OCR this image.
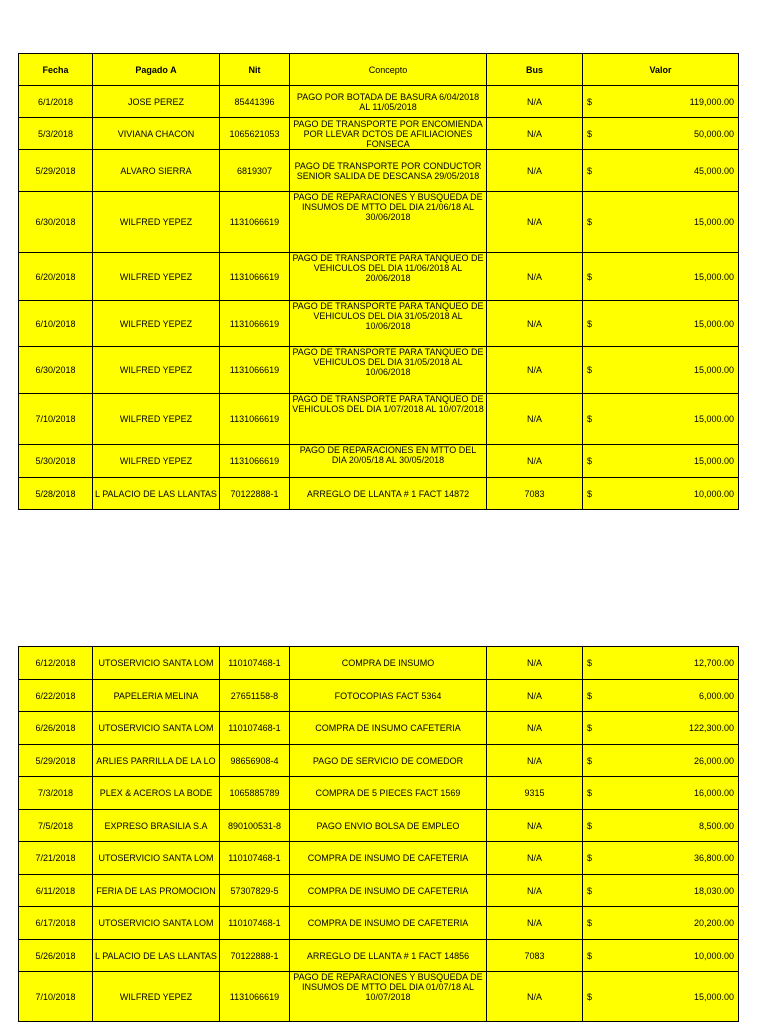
Fecha	Pagado A	Nit	Concepto	Bus	Valor
6/1/2018	JOSE PEREZ	85441396	PAGO POR BOTADA DE BASURA 6/04/2018 AL 11/05/2018	N/A	$ 119,000.00

5/3/2018	VIVIANA CHACON	1065621053	PAGO DE TRANSPORTE POR ENCOMIENDA POR LLEVAR DCTOS DE AFILIACIONES FONSECA	N/A	$ 50,000.00

5/29/2018	ALVARO SIERRA	6819307	PAGO DE TRANSPORTE POR CONDUCTOR SENIOR SALIDA DE DESCANSA 29/05/2018	N/A	$ 45,000.00

6/30/2018	WILFRED YEPEZ	1131066619	PAGO DE REPARACIONES Y BUSQUEDA DE INSUMOS DE MTTO DEL DIA 21/06/18 AL 30/06/2018	N/A	$ 15,000.00

6/20/2018	WILFRED YEPEZ	1131066619	PAGO DE TRANSPORTE PARA TANQUEO DE VEHICULOS DEL DIA 11/06/2018 AL 20/06/2018	N/A	$ 15,000.00

6/10/2018	WILFRED YEPEZ	1131066619	PAGO DE TRANSPORTE PARA TANQUEO DE VEHICULOS DEL DIA 31/05/2018 AL 10/06/2018	N/A	$ 15,000.00

6/30/2018	WILFRED YEPEZ	1131066619	PAGO DE TRANSPORTE PARA TANQUEO DE VEHICULOS DEL DIA 31/05/2018 AL 10/06/2018	N/A	$ 15,000.00

7/10/2018	WILFRED YEPEZ	1131066619	PAGO DE TRANSPORTE PARA TANQUEO DE VEHICULOS DEL DIA 1/07/2018 AL 10/07/2018	N/A	$ 15,000.00

5/30/2018	WILFRED YEPEZ	1131066619	PAGO DE REPARACIONES EN MTTO DEL DIA 20/05/18 AL 30/05/2018	N/A	$ 15,000.00

5/28/2018	L PALACIO DE LAS LLANTAS	70122888-1	ARREGLO DE LLANTA # 1 FACT 14872	7083	$ 10,000.00
6/12/2018	UTOSERVICIO SANTA LOM	110107468-1	COMPRA DE INSUMO	N/A	$ 12,700.00

6/22/2018	PAPELERIA MELINA	27651158-8	FOTOCOPIAS FACT 5364	N/A	$ 6,000.00

6/26/2018	UTOSERVICIO SANTA LOM	110107468-1	COMPRA DE INSUMO CAFETERIA	N/A	$ 122,300.00

5/29/2018	ARLIES PARRILLA DE LA LO	98656908-4	PAGO DE SERVICIO DE COMEDOR	N/A	$ 26,000.00

7/3/2018	PLEX & ACEROS LA BODE	1065885789	COMPRA DE 5 PIECES FACT 1569	9315	$ 16,000.00

7/5/2018	EXPRESO BRASILIA S.A	890100531-8	PAGO ENVIO BOLSA DE EMPLEO	N/A	$ 8,500.00

7/21/2018	UTOSERVICIO SANTA LOM	110107468-1	COMPRA DE INSUMO DE CAFETERIA	N/A	$ 36,800.00

6/11/2018	FERIA DE LAS PROMOCION	57307829-5	COMPRA DE INSUMO DE CAFETERIA	N/A	$ 18,030.00

6/17/2018	UTOSERVICIO SANTA LOM	110107468-1	COMPRA DE INSUMO DE CAFETERIA	N/A	$ 20,200.00

5/26/2018	L PALACIO DE LAS LLANTAS	70122888-1	ARREGLO DE LLANTA # 1 FACT 14856	7083	$ 10,000.00

7/10/2018	WILFRED YEPEZ	1131066619	PAGO DE REPARACIONES Y BUSQUEDA DE INSUMOS DE MTTO DEL DIA 01/07/18 AL 10/07/2018	N/A	$ 15,000.00
